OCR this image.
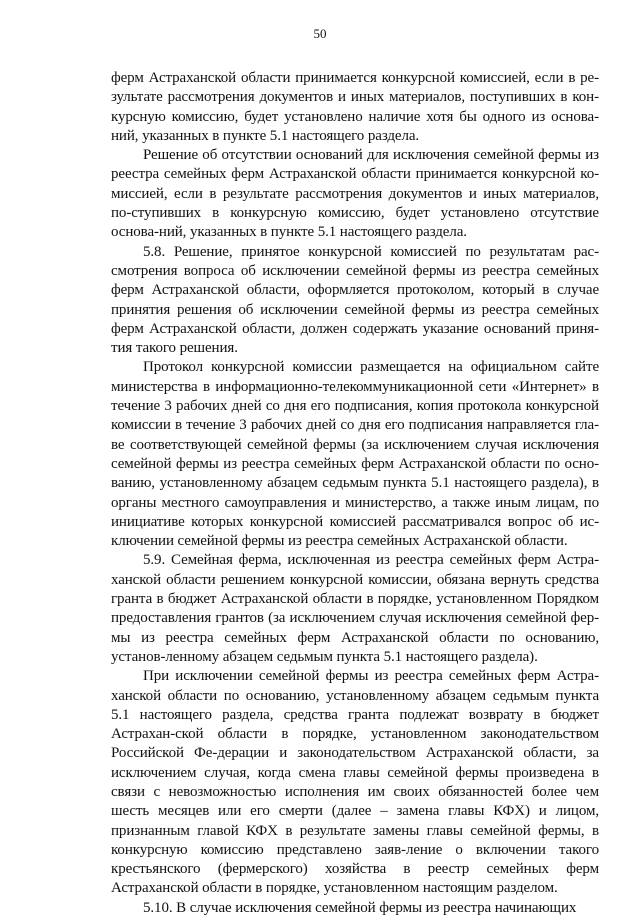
50

ферм Астраханской области принимается конкурсной комиссией, если в ре-зультате рассмотрения документов и иных материалов, поступивших в кон-курсную комиссию, будет установлено наличие хотя бы одного из основа-ний, указанных в пункте 5.1 настоящего раздела.

Решение об отсутствии оснований для исключения семейной фермы из реестра семейных ферм Астраханской области принимается конкурсной ко-миссией, если в результате рассмотрения документов и иных материалов, по-ступивших в конкурсную комиссию, будет установлено отсутствие основа-ний, указанных в пункте 5.1 настоящего раздела.

5.8. Решение, принятое конкурсной комиссией по результатам рас-смотрения вопроса об исключении семейной фермы из реестра семейных ферм Астраханской области, оформляется протоколом, который в случае принятия решения об исключении семейной фермы из реестра семейных ферм Астраханской области, должен содержать указание оснований приня-тия такого решения.

Протокол конкурсной комиссии размещается на официальном сайте министерства в информационно-телекоммуникационной сети «Интернет» в течение 3 рабочих дней со дня его подписания, копия протокола конкурсной комиссии в течение 3 рабочих дней со дня его подписания направляется гла-ве соответствующей семейной фермы (за исключением случая исключения семейной фермы из реестра семейных ферм Астраханской области по осно-ванию, установленному абзацем седьмым пункта 5.1 настоящего раздела), в органы местного самоуправления и министерство, а также иным лицам, по инициативе которых конкурсной комиссией рассматривался вопрос об ис-ключении семейной фермы из реестра семейных Астраханской области.

5.9. Семейная ферма, исключенная из реестра семейных ферм Астра-ханской области решением конкурсной комиссии, обязана вернуть средства гранта в бюджет Астраханской области в порядке, установленном Порядком предоставления грантов (за исключением случая исключения семейной фер-мы из реестра семейных ферм Астраханской области по основанию, установ-ленному абзацем седьмым пункта 5.1 настоящего раздела).

При исключении семейной фермы из реестра семейных ферм Астра-ханской области по основанию, установленному абзацем седьмым пункта 5.1 настоящего раздела, средства гранта подлежат возврату в бюджет Астрахан-ской области в порядке, установленном законодательством Российской Фе-дерации и законодательством Астраханской области, за исключением случая, когда смена главы семейной фермы произведена в связи с невозможностью исполнения им своих обязанностей более чем шесть месяцев или его смерти (далее – замена главы КФХ) и лицом, признанным главой КФХ в результате замены главы семейной фермы, в конкурсную комиссию представлено заяв-ление о включении такого крестьянского (фермерского) хозяйства в реестр семейных ферм Астраханской области в порядке, установленном настоящим разделом.

5.10. В случае исключения семейной фермы из реестра начинающих
